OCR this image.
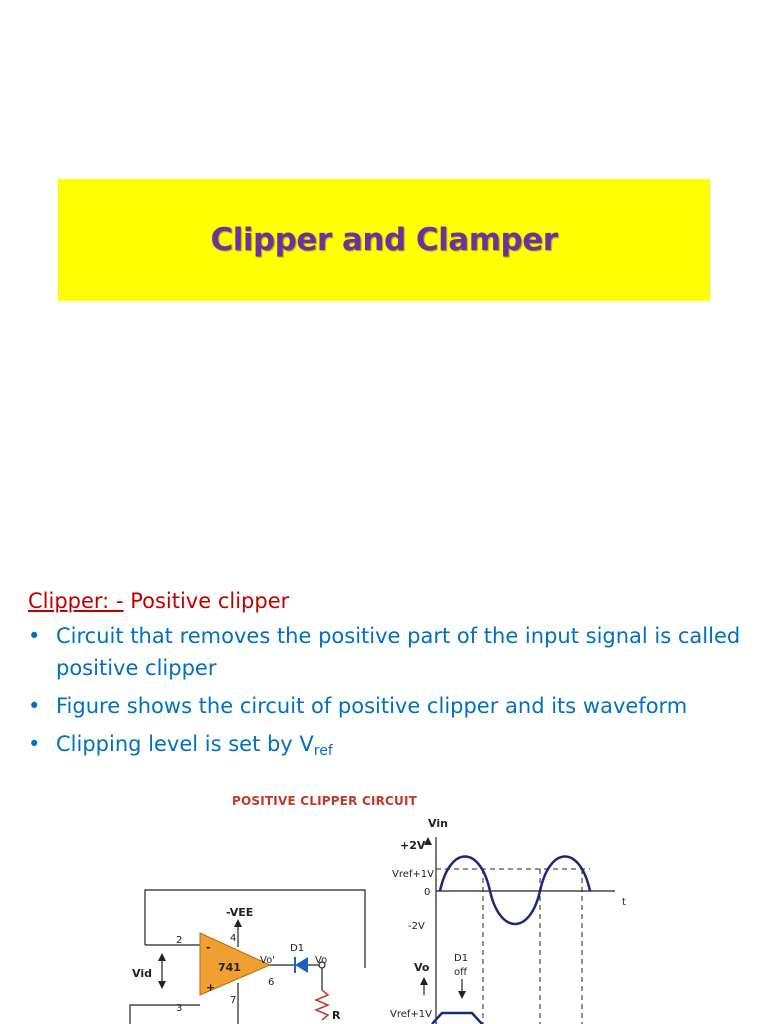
Clipper and Clamper
Clipper: - Positive clipper
• Circuit that removes the positive part of the input signal is called positive clipper
• Figure shows the circuit of positive clipper and its waveform
• Clipping level is set by $V_{ref}$
POSITIVE CLIPPER CIRCUIT
741
-
+
-VEE
4
2
3
7
Vid
Vo'
6
D1
Vo
R
Vin
+2V
Vref+1V
0
-2V
t
Vo
D1
off
Vref+1V
